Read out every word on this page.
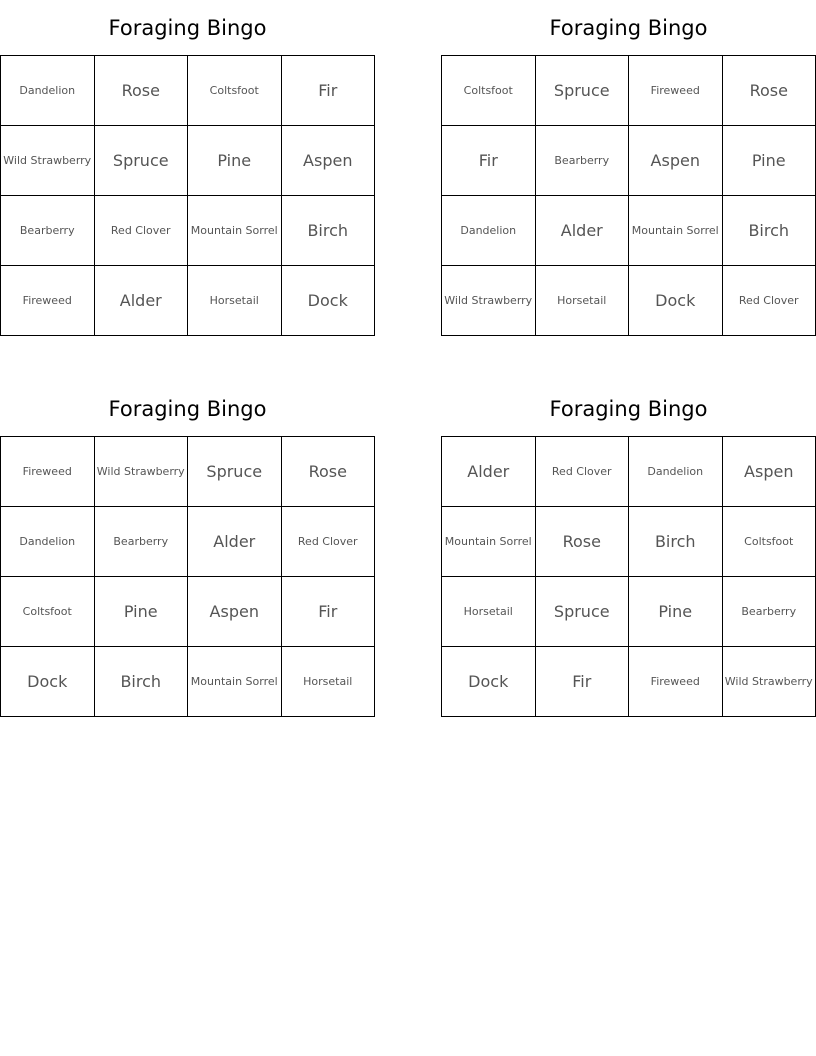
Foraging Bingo
Dandelion	Rose	Coltsfoot	Fir
Wild Strawberry	Spruce	Pine	Aspen
Bearberry	Red Clover	Mountain Sorrel	Birch
Fireweed	Alder	Horsetail	Dock
Foraging Bingo
Coltsfoot	Spruce	Fireweed	Rose
Fir	Bearberry	Aspen	Pine
Dandelion	Alder	Mountain Sorrel	Birch
Wild Strawberry	Horsetail	Dock	Red Clover
Foraging Bingo
Fireweed	Wild Strawberry	Spruce	Rose
Dandelion	Bearberry	Alder	Red Clover
Coltsfoot	Pine	Aspen	Fir
Dock	Birch	Mountain Sorrel	Horsetail
Foraging Bingo
Alder	Red Clover	Dandelion	Aspen
Mountain Sorrel	Rose	Birch	Coltsfoot
Horsetail	Spruce	Pine	Bearberry
Dock	Fir	Fireweed	Wild Strawberry
